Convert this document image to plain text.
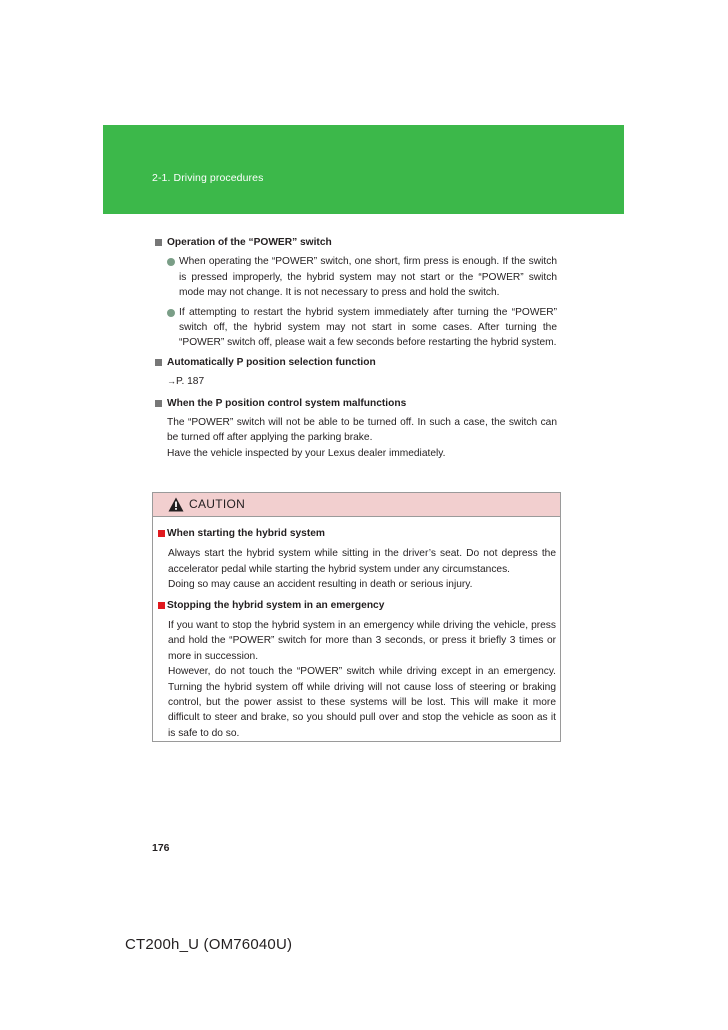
2-1. Driving procedures
Operation of the “POWER” switch
When operating the “POWER” switch, one short, firm press is enough. If the switch is pressed improperly, the hybrid system may not start or the “POWER” switch mode may not change. It is not necessary to press and hold the switch.
If attempting to restart the hybrid system immediately after turning the “POWER” switch off, the hybrid system may not start in some cases. After turning the “POWER” switch off, please wait a few seconds before restarting the hybrid system.
Automatically P position selection function
→P. 187
When the P position control system malfunctions
The “POWER” switch will not be able to be turned off. In such a case, the switch can be turned off after applying the parking brake.
Have the vehicle inspected by your Lexus dealer immediately.
CAUTION
When starting the hybrid system
Always start the hybrid system while sitting in the driver’s seat. Do not depress the accelerator pedal while starting the hybrid system under any circumstances.
Doing so may cause an accident resulting in death or serious injury.
Stopping the hybrid system in an emergency
If you want to stop the hybrid system in an emergency while driving the vehicle, press and hold the “POWER” switch for more than 3 seconds, or press it briefly 3 times or more in succession.
However, do not touch the “POWER” switch while driving except in an emergency. Turning the hybrid system off while driving will not cause loss of steering or braking control, but the power assist to these systems will be lost. This will make it more difficult to steer and brake, so you should pull over and stop the vehicle as soon as it is safe to do so.
176
CT200h_U (OM76040U)
